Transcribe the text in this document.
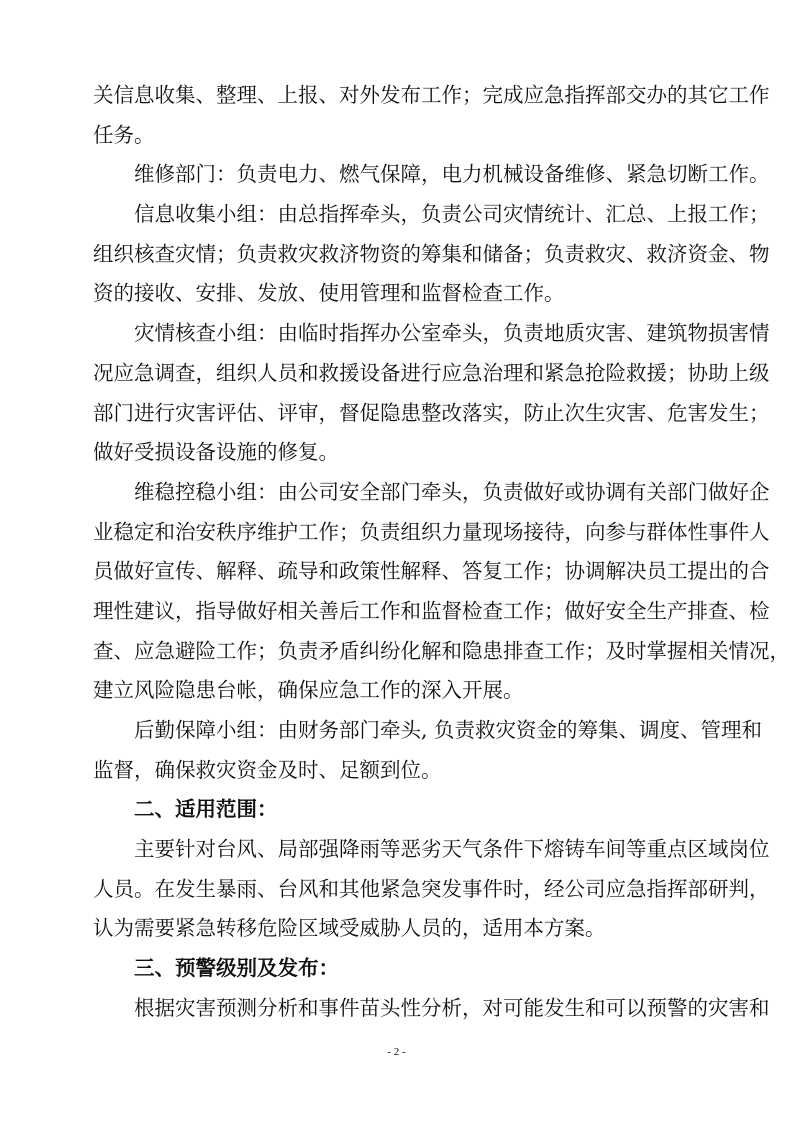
关信息收集、整理、上报、对外发布工作；完成应急指挥部交办的其它工作
任务。
维修部门：负责电力、燃气保障，电力机械设备维修、紧急切断工作。
信息收集小组：由总指挥牵头，负责公司灾情统计、汇总、上报工作；
组织核查灾情；负责救灾救济物资的筹集和储备；负责救灾、救济资金、物
资的接收、安排、发放、使用管理和监督检查工作。
灾情核查小组：由临时指挥办公室牵头，负责地质灾害、建筑物损害情
况应急调查，组织人员和救援设备进行应急治理和紧急抢险救援；协助上级
部门进行灾害评估、评审，督促隐患整改落实，防止次生灾害、危害发生；
做好受损设备设施的修复。
维稳控稳小组：由公司安全部门牵头，负责做好或协调有关部门做好企
业稳定和治安秩序维护工作；负责组织力量现场接待，向参与群体性事件人
员做好宣传、解释、疏导和政策性解释、答复工作；协调解决员工提出的合
理性建议，指导做好相关善后工作和监督检查工作；做好安全生产排查、检
查、应急避险工作；负责矛盾纠纷化解和隐患排查工作；及时掌握相关情况，
建立风险隐患台帐，确保应急工作的深入开展。
后勤保障小组：由财务部门牵头, 负责救灾资金的筹集、调度、管理和
监督，确保救灾资金及时、足额到位。
二、适用范围：
主要针对台风、局部强降雨等恶劣天气条件下熔铸车间等重点区域岗位
人员。在发生暴雨、台风和其他紧急突发事件时，经公司应急指挥部研判，
认为需要紧急转移危险区域受威胁人员的，适用本方案。
三、预警级别及发布：
根据灾害预测分析和事件苗头性分析，对可能发生和可以预警的灾害和
- 2 -
